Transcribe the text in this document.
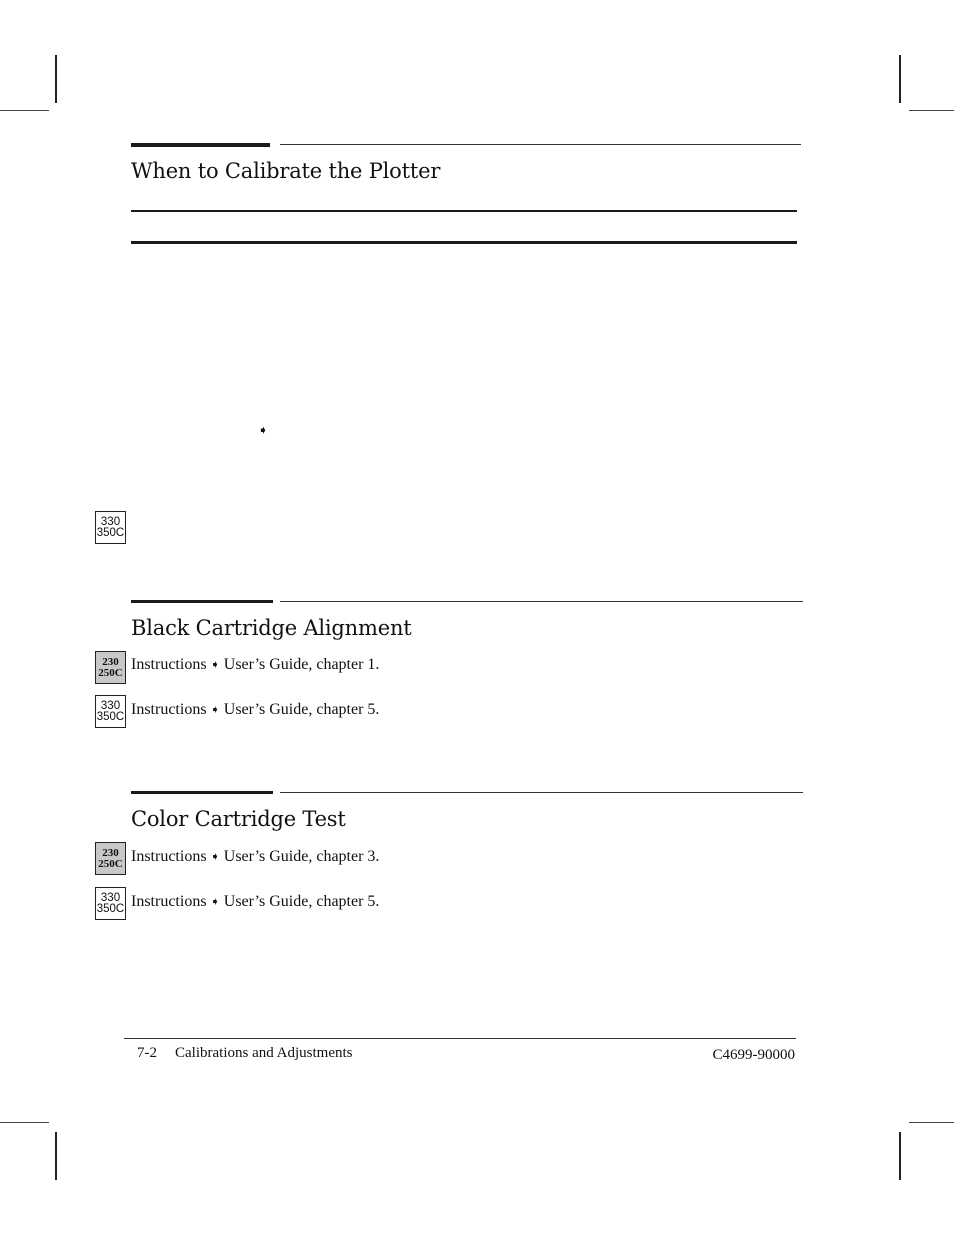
When to Calibrate the Plotter
➧
330
350C
Black Cartridge Alignment
230
250C Instructions ➧ User’s Guide, chapter 1.
330
350C Instructions ➧ User’s Guide, chapter 5.
Color Cartridge Test
230
250C Instructions ➧ User’s Guide, chapter 3.
330
350C Instructions ➧ User’s Guide, chapter 5.
7-2 Calibrations and Adjustments	C4699-90000
